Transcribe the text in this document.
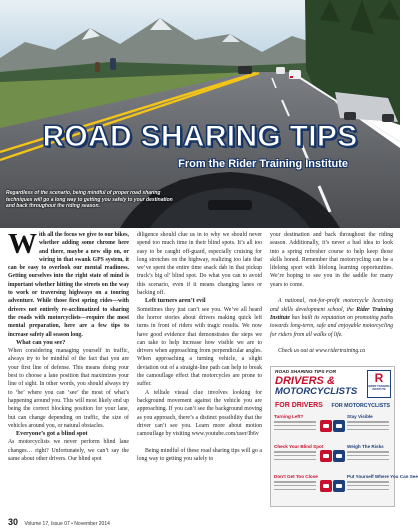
ROAD SHARING TIPS
From the Rider Training Institute
Regardless of the scenario, being mindful of proper road sharing techniques will go a long way to getting you safely to your destination and back throughout the riding season.

With all the focus we give to our bikes, whether adding some chrome here and there, maybe a new slip on, or wiring in that swank GPS system, it can be easy to overlook our mental readiness. Getting ourselves into the right state of mind is important whether hitting the streets on the way to work or traversing highways on a touring adventure. While those first spring rides—with drivers not entirely re-acclimatized to sharing the roads with motorcyclists—require the most mental preparation, here are a few tips to increase safety all season long.

What can you see?

When considering managing yourself in traffic, always try to be mindful of the fact that you are your first line of defense. This means doing your best to choose a lane position that maximizes your line of sight. In other words, you should always try to ‘be’ where you can ‘see’ the most of what’s happening around you. This will most likely end up being the correct blocking position for your lane, but can change depending on traffic, the size of vehicles around you, or natural obstacles.

Everyone’s got a blind spot

As motorcyclists we never perform blind lane changes… right? Unfortunately, we can’t say the same about other drivers. Our blind spot

diligence should clue us in to why we should never spend too much time in their blind spots. It’s all too easy to be caught off-guard, especially cruising for long stretches on the highway, realizing too late that we’ve spent the entire time snack dab in that pickup truck’s big ol’ blind spot. Do what you can to avoid this scenario, even if it means changing lanes or backing off.

Left turners aren’t evil

Sometimes they just can’t see you. We’ve all heard the horror stories about drivers making quick left turns in front of riders with tragic results. We now have good evidence that demonstrates the steps we can take to help increase how visible we are to drivers when approaching from perpendicular angles. When approaching a turning vehicle, a slight deviation out of a straight-line path can help to break the camouflage effect that motorcycles are prone to suffer.

A telltale visual clue involves looking for background movement against the vehicle you are approaching. If you can’t see the background moving as you approach, there’s a distinct possibility that the driver can’t see you. Learn more about motion camouflage by visiting www.youtube.com/user/Ib6v

Being mindful of these road sharing tips will go a long way to getting you safely to

your destination and back throughout the riding season. Additionally, it’s never a bad idea to look into a spring refresher course to help keep those skills honed. Remember that motorcycling can be a lifelong sport with lifelong learning opportunities. We’re hoping to see you in the saddle for many years to come.

A national, not-for-profit motorcycle licensing and skills development school, the Rider Training Institute has built its reputation on promoting paths towards long-term, safe and enjoyable motorcycling for riders from all walks of life.

Check us out at www.ridertraining.ca

ROAD SHARING TIPS FOR
DRIVERS &
MOTORCYCLISTS
R
RIDER TRAINING INSTITUTE
FOR DRIVERS FOR MOTORCYCLISTS
Turning Left?
Check Your Blind Spot
Don’t Get Too Close
Stay Visible
Weigh The Risks
Put Yourself Where You Can See
30 Volume 17, Issue 07 • November 2014
